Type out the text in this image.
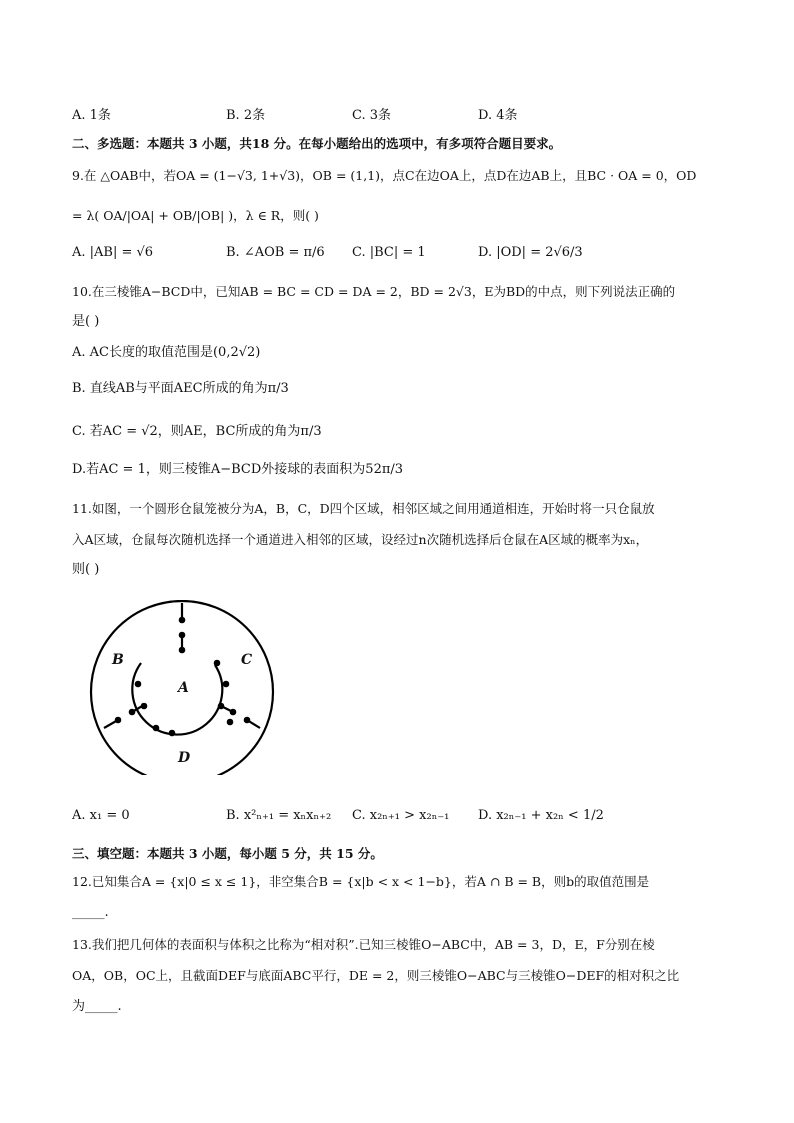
A. 1条	B. 2条	C. 3条	D. 4条
二、多选题：本题共 3 小题，共18 分。在每小题给出的选项中，有多项符合题目要求。
9.在 △OAB中，若OA = (1−√3, 1+√3)，OB = (1,1)，点C在边OA上，点D在边AB上，且BC · OA = 0，OD
= λ( OA/|OA| + OB/|OB| )，λ ∈ R，则( )
A. |AB| = √6	B. ∠AOB = π/6 C. |BC| = 1	D. |OD| = 2√6/3
10.在三棱锥A−BCD中，已知AB = BC = CD = DA = 2，BD = 2√3，E为BD的中点，则下列说法正确的
是( )
A. AC长度的取值范围是(0,2√2)
B. 直线AB与平面AEC所成的角为π/3
C. 若AC = √2，则AE，BC所成的角为π/3
D.若AC = 1，则三棱锥A−BCD外接球的表面积为52π/3
11.如图，一个圆形仓鼠笼被分为A，B，C，D四个区域，相邻区域之间用通道相连，开始时将一只仓鼠放
入A区域，仓鼠每次随机选择一个通道进入相邻的区域，设经过n次随机选择后仓鼠在A区域的概率为xₙ，
则( )
B	C
A
D
A. x₁ = 0	B. x²ₙ₊₁ = xₙxₙ₊₂ C. x₂ₙ₊₁ > x₂ₙ₋₁ D. x₂ₙ₋₁ + x₂ₙ < 1/2
三、填空题：本题共 3 小题，每小题 5 分，共 15 分。
12.已知集合A = {x|0 ≤ x ≤ 1}，非空集合B = {x|b < x < 1−b}，若A ∩ B = B，则b的取值范围是
_____.
13.我们把几何体的表面积与体积之比称为“相对积”.已知三棱锥O−ABC中，AB = 3，D，E，F分别在棱
OA，OB，OC上，且截面DEF与底面ABC平行，DE = 2，则三棱锥O−ABC与三棱锥O−DEF的相对积之比
为_____.
